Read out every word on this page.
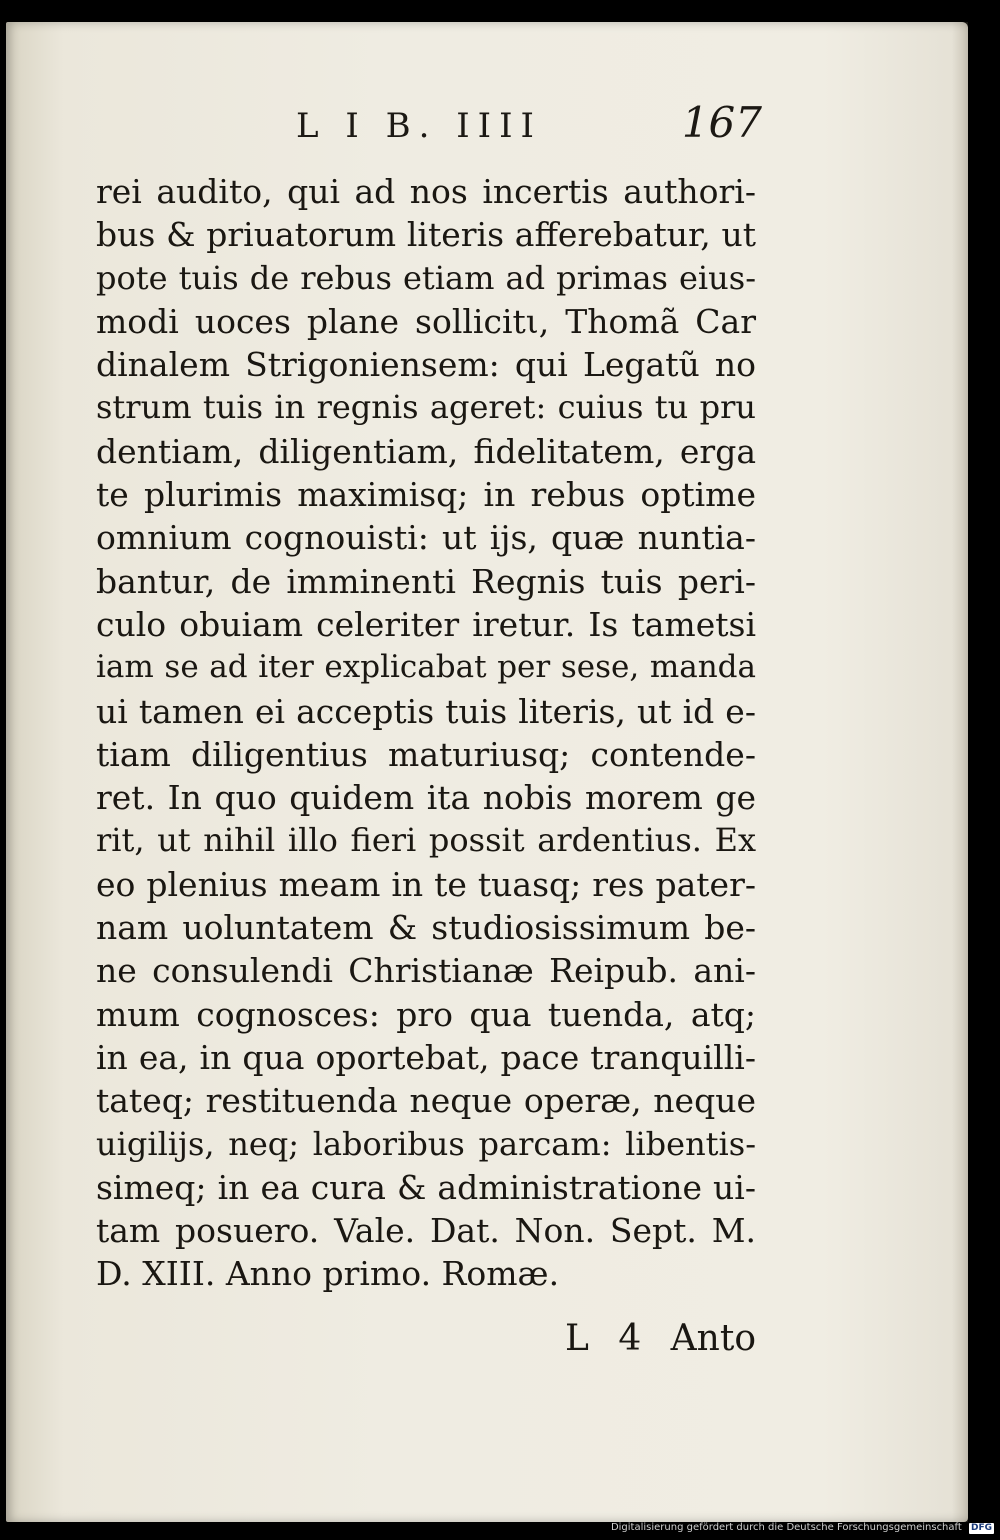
L I B. IIII	167
rei audito, qui ad nos incertis authori-
bus & priuatorum literis afferebatur, ut
pote tuis de rebus etiam ad primas eius-
modi uoces plane sollicitι, Thomã Car
dinalem Strigoniensem: qui Legatũ no
strum tuis in regnis ageret: cuius tu pru
dentiam, diligentiam, fidelitatem, erga
te plurimis maximisq; in rebus optime
omnium cognouisti: ut ijs, quæ nuntia-
bantur, de imminenti Regnis tuis peri-
culo obuiam celeriter iretur. Is tametsi
iam se ad iter explicabat per sese, manda
ui tamen ei acceptis tuis literis, ut id e-
tiam diligentius maturiusq; contende-
ret. In quo quidem ita nobis morem ge
rit, ut nihil illo fieri possit ardentius. Ex
eo plenius meam in te tuasq; res pater-
nam uoluntatem & studiosissimum be-
ne consulendi Christianæ Reipub. ani-
mum cognosces: pro qua tuenda, atq;
in ea, in qua oportebat, pace tranquilli-
tateq; restituenda neque operæ, neque
uigilijs, neq; laboribus parcam: libentis-
simeq; in ea cura & administratione ui-
tam posuero. Vale. Dat. Non. Sept. M.
D. XIII. Anno primo. Romæ.
L 4 Anto
Digitalisierung gefördert durch die Deutsche Forschungsgemeinschaft DFG
